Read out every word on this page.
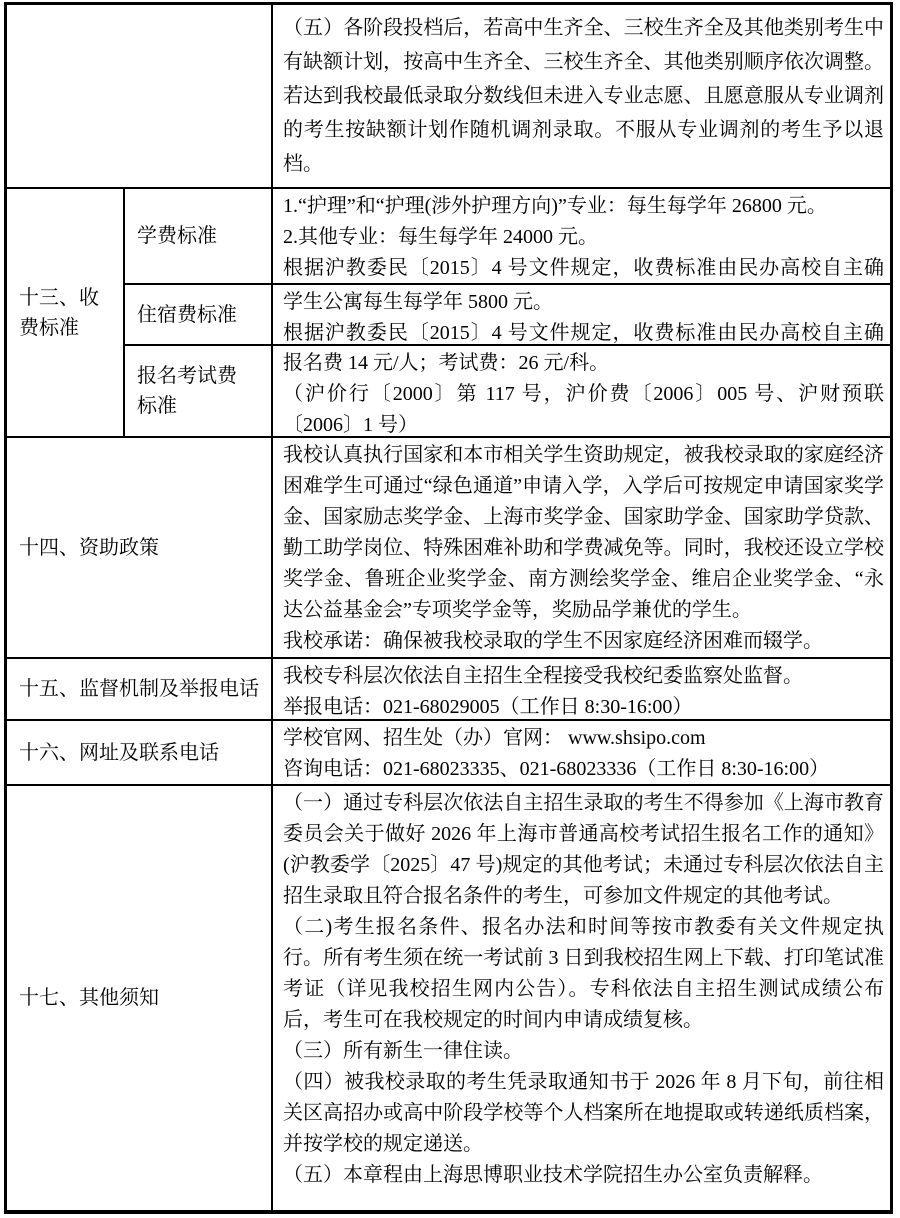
（五）各阶段投档后，若高中生齐全、三校生齐全及其他类别考生中有缺额计划，按高中生齐全、三校生齐全、其他类别顺序依次调整。若达到我校最低录取分数线但未进入专业志愿、且愿意服从专业调剂的考生按缺额计划作随机调剂录取。不服从专业调剂的考生予以退档。

十三、收费标准
学费标准

1.“护理”和“护理(涉外护理方向)”专业：每生每学年 26800 元。

2.其他专业：每生每学年 24000 元。

根据沪教委民〔2015〕4 号文件规定，收费标准由民办高校自主确

住宿费标准

学生公寓每生每学年 5800 元。

根据沪教委民〔2015〕4 号文件规定，收费标准由民办高校自主确

报名考试费标准

报名费 14 元/人；考试费：26 元/科。

（沪价行〔2000〕第 117 号，沪价费〔2006〕005 号、沪财预联〔2006〕1 号）

十四、资助政策

我校认真执行国家和本市相关学生资助规定，被我校录取的家庭经济困难学生可通过“绿色通道”申请入学，入学后可按规定申请国家奖学金、国家励志奖学金、上海市奖学金、国家助学金、国家助学贷款、勤工助学岗位、特殊困难补助和学费减免等。同时，我校还设立学校奖学金、鲁班企业奖学金、南方测绘奖学金、维启企业奖学金、“永达公益基金会”专项奖学金等，奖励品学兼优的学生。

我校承诺：确保被我校录取的学生不因家庭经济困难而辍学。

十五、监督机制及举报电话

我校专科层次依法自主招生全程接受我校纪委监察处监督。

举报电话：021-68029005（工作日 8:30-16:00）

十六、网址及联系电话

学校官网、招生处（办）官网： www.shsipo.com

咨询电话：021-68023335、021-68023336（工作日 8:30-16:00）

十七、其他须知

（一）通过专科层次依法自主招生录取的考生不得参加《上海市教育委员会关于做好 2026 年上海市普通高校考试招生报名工作的通知》(沪教委学〔2025〕47 号)规定的其他考试；未通过专科层次依法自主招生录取且符合报名条件的考生，可参加文件规定的其他考试。

（二)考生报名条件、报名办法和时间等按市教委有关文件规定执行。所有考生须在统一考试前 3 日到我校招生网上下载、打印笔试准考证（详见我校招生网内公告）。专科依法自主招生测试成绩公布后，考生可在我校规定的时间内申请成绩复核。

（三）所有新生一律住读。

（四）被我校录取的考生凭录取通知书于 2026 年 8 月下旬，前往相关区高招办或高中阶段学校等个人档案所在地提取或转递纸质档案，并按学校的规定递送。

（五）本章程由上海思博职业技术学院招生办公室负责解释。
